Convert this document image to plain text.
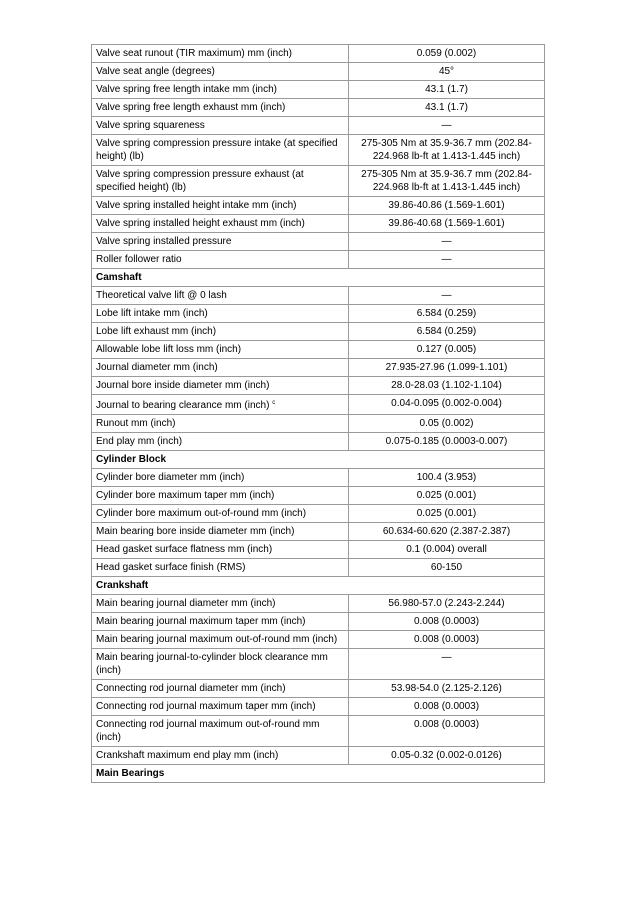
Valve seat runout (TIR maximum) mm (inch)	0.059 (0.002)
Valve seat angle (degrees)	45°
Valve spring free length intake mm (inch)	43.1 (1.7)
Valve spring free length exhaust mm (inch)	43.1 (1.7)
Valve spring squareness	—
Valve spring compression pressure intake (at specified height) (lb)	275-305 Nm at 35.9-36.7 mm (202.84-224.968 lb-ft at 1.413-1.445 inch)
Valve spring compression pressure exhaust (at specified height) (lb)	275-305 Nm at 35.9-36.7 mm (202.84-224.968 lb-ft at 1.413-1.445 inch)
Valve spring installed height intake mm (inch)	39.86-40.86 (1.569-1.601)
Valve spring installed height exhaust mm (inch)	39.86-40.68 (1.569-1.601)
Valve spring installed pressure	—
Roller follower ratio	—
Camshaft	
Theoretical valve lift @ 0 lash	—
Lobe lift intake mm (inch)	6.584 (0.259)
Lobe lift exhaust mm (inch)	6.584 (0.259)
Allowable lobe lift loss mm (inch)	0.127 (0.005)
Journal diameter mm (inch)	27.935-27.96 (1.099-1.101)
Journal bore inside diameter mm (inch)	28.0-28.03 (1.102-1.104)
Journal to bearing clearance mm (inch) $^c$	0.04-0.095 (0.002-0.004)
Runout mm (inch)	0.05 (0.002)
End play mm (inch)	0.075-0.185 (0.0003-0.007)
Cylinder Block	
Cylinder bore diameter mm (inch)	100.4 (3.953)
Cylinder bore maximum taper mm (inch)	0.025 (0.001)
Cylinder bore maximum out-of-round mm (inch)	0.025 (0.001)
Main bearing bore inside diameter mm (inch)	60.634-60.620 (2.387-2.387)
Head gasket surface flatness mm (inch)	0.1 (0.004) overall
Head gasket surface finish (RMS)	60-150
Crankshaft	
Main bearing journal diameter mm (inch)	56.980-57.0 (2.243-2.244)
Main bearing journal maximum taper mm (inch)	0.008 (0.0003)
Main bearing journal maximum out-of-round mm (inch)	0.008 (0.0003)
Main bearing journal-to-cylinder block clearance mm (inch)	—
Connecting rod journal diameter mm (inch)	53.98-54.0 (2.125-2.126)
Connecting rod journal maximum taper mm (inch)	0.008 (0.0003)
Connecting rod journal maximum out-of-round mm (inch)	0.008 (0.0003)
Crankshaft maximum end play mm (inch)	0.05-0.32 (0.002-0.0126)
Main Bearings	
